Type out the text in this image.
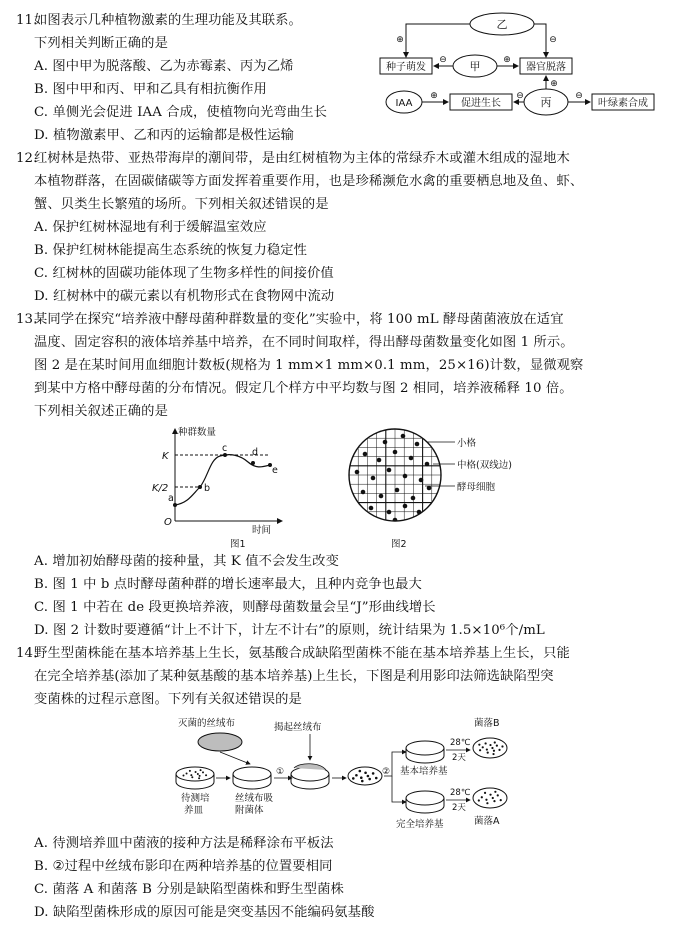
11.
如图表示几种植物激素的生理功能及其联系。
下列相关判断正确的是
A. 图中甲为脱落酸、乙为赤霉素、丙为乙烯
B. 图中甲和丙、甲和乙具有相抗衡作用
C. 单侧光会促进 IAA 合成，使植物向光弯曲生长
D. 植物激素甲、乙和丙的运输都是极性运输
乙
甲
种子萌发	器官脱落
IAA	促进生长	丙	叶绿素合成
⊕	⊖
⊖	⊕
⊕	⊖
⊕
⊖
12.
红树林是热带、亚热带海岸的潮间带，是由红树植物为主体的常绿乔木或灌木组成的湿地木
本植物群落，在固碳储碳等方面发挥着重要作用，也是珍稀濒危水禽的重要栖息地及鱼、虾、
蟹、贝类生长繁殖的场所。下列相关叙述错误的是
A. 保护红树林湿地有利于缓解温室效应
B. 保护红树林能提高生态系统的恢复力稳定性
C. 红树林的固碳功能体现了生物多样性的间接价值
D. 红树林中的碳元素以有机物形式在食物网中流动
13.
某同学在探究“培养液中酵母菌种群数量的变化”实验中，将 100 mL 酵母菌菌液放在适宜
温度、固定容积的液体培养基中培养，在不同时间取样，得出酵母菌数量变化如图 1 所示。
图 2 是在某时间用血细胞计数板(规格为 1 mm×1 mm×0.1 mm，25×16)计数，显微观察
到某中方格中酵母菌的分布情况。假定几个样方中平均数与图 2 相同，培养液稀释 10 倍。
下列相关叙述正确的是
种群数量
时间
K
K/2
O
a
b
c	d
e
图1
小格
中格(双线边)
酵母细胞
图2
A. 增加初始酵母菌的接种量，其 K 值不会发生改变
B. 图 1 中 b 点时酵母菌种群的增长速率最大，且种内竞争也最大
C. 图 1 中若在 de 段更换培养液，则酵母菌数量会呈“J”形曲线增长
D. 图 2 计数时要遵循“计上不计下，计左不计右”的原则，统计结果为 1.5×10⁶个/mL
14.
野生型菌株能在基本培养基上生长，氨基酸合成缺陷型菌株不能在基本培养基上生长，只能
在完全培养基(添加了某种氨基酸的基本培养基)上生长，下图是利用影印法筛选缺陷型突
变菌株的过程示意图。下列有关叙述错误的是
灭菌的丝绒布
待测培
养皿
丝绒布吸
附菌体
①
揭起丝绒布
② 基本培养基
完全培养基
28℃
2天
28℃
2天
菌落B
菌落A
A. 待测培养皿中菌液的接种方法是稀释涂布平板法
B. ②过程中丝绒布影印在两种培养基的位置要相同
C. 菌落 A 和菌落 B 分别是缺陷型菌株和野生型菌株
D. 缺陷型菌株形成的原因可能是突变基因不能编码氨基酸
